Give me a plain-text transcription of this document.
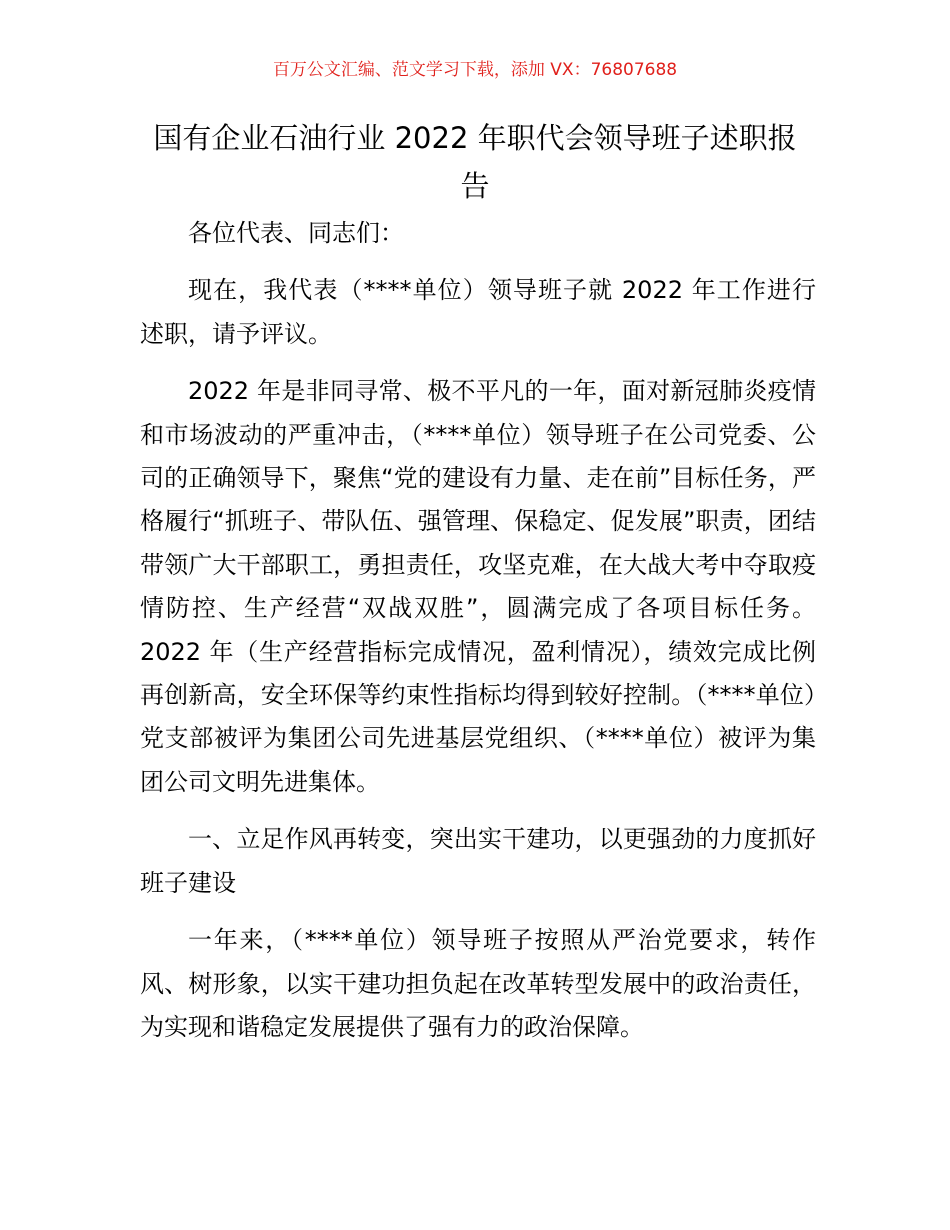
百万公文汇编、范文学习下载，添加 VX：76807688
国有企业石油行业 2022 年职代会领导班子述职报告

各位代表、同志们：

现在，我代表（****单位）领导班子就 2022 年工作进行述职，请予评议。

2022 年是非同寻常、极不平凡的一年，面对新冠肺炎疫情和市场波动的严重冲击，（****单位）领导班子在公司党委、公司的正确领导下，聚焦“党的建设有力量、走在前”目标任务，严格履行“抓班子、带队伍、强管理、保稳定、促发展”职责，团结带领广大干部职工，勇担责任，攻坚克难，在大战大考中夺取疫情防控、生产经营“双战双胜”，圆满完成了各项目标任务。2022 年（生产经营指标完成情况，盈利情况），绩效完成比例再创新高，安全环保等约束性指标均得到较好控制。（****单位）党支部被评为集团公司先进基层党组织、（****单位）被评为集团公司文明先进集体。

一、立足作风再转变，突出实干建功，以更强劲的力度抓好班子建设

一年来，（****单位）领导班子按照从严治党要求，转作风、树形象，以实干建功担负起在改革转型发展中的政治责任，为实现和谐稳定发展提供了强有力的政治保障。
